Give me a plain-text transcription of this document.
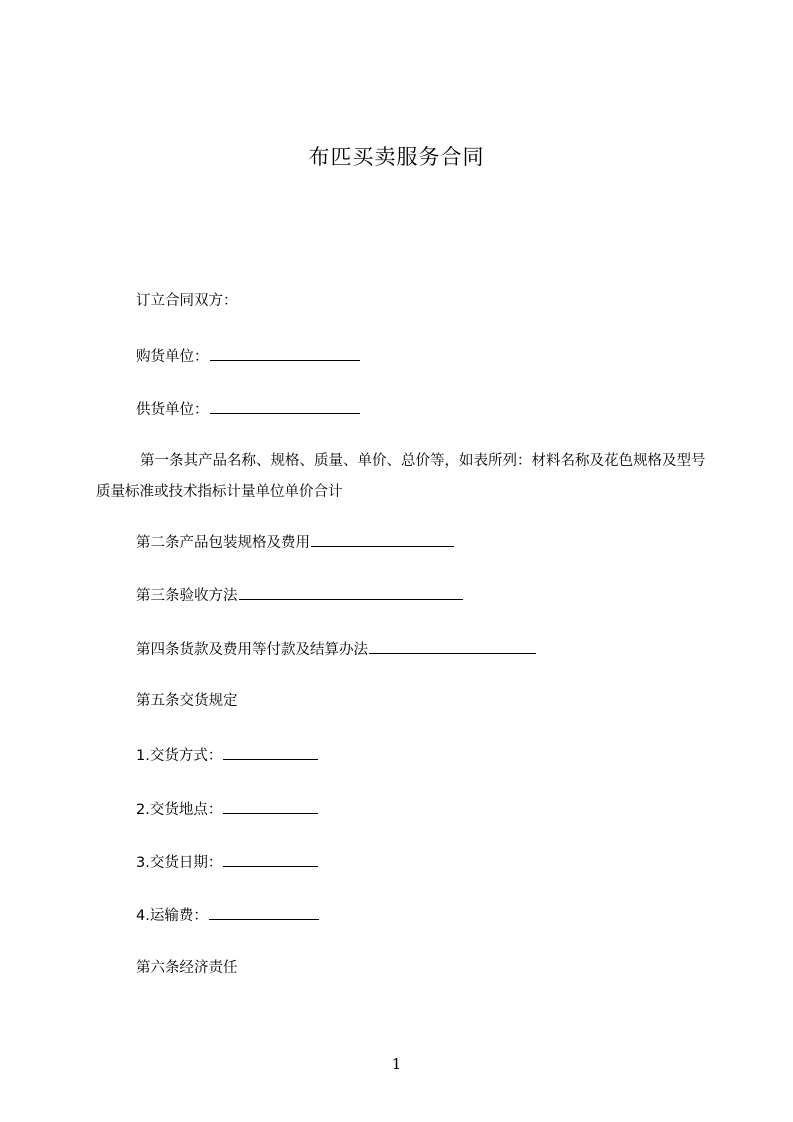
布匹买卖服务合同
订立合同双方：
购货单位：
供货单位：
第一条其产品名称、规格、质量、单价、总价等，如表所列：材料名称及花色规格及型号质量标准或技术指标计量单位单价合计
第二条产品包装规格及费用
第三条验收方法
第四条货款及费用等付款及结算办法
第五条交货规定
1.交货方式：
2.交货地点：
3.交货日期：
4.运输费：
第六条经济责任
1
